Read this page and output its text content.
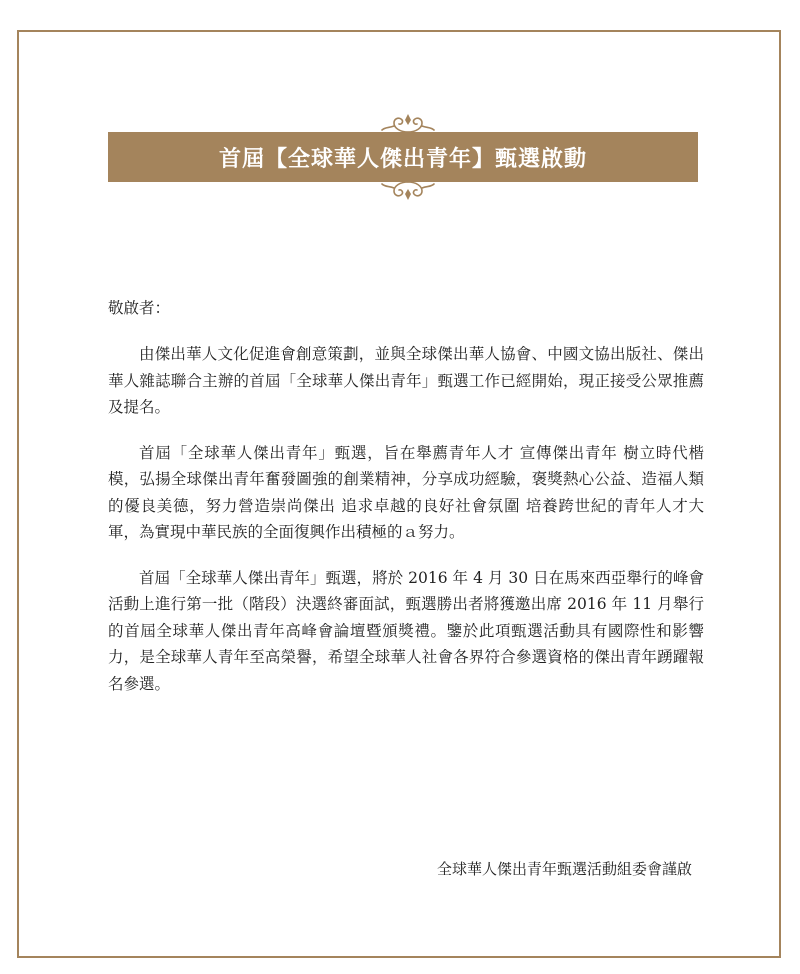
首屆【全球華人傑出青年】甄選啟動

敬啟者：

由傑出華人文化促進會創意策劃，並與全球傑出華人協會、中國文協出版社、傑出華人雜誌聯合主辦的首屆「全球華人傑出青年」甄選工作已經開始，現正接受公眾推薦及提名。

首屆「全球華人傑出青年」甄選，旨在舉薦青年人才 宣傳傑出青年 樹立時代楷模，弘揚全球傑出青年奮發圖強的創業精神，分享成功經驗，褒獎熱心公益、造福人類的優良美德，努力營造崇尚傑出 追求卓越的良好社會氛圍 培養跨世紀的青年人才大軍，為實現中華民族的全面復興作出積極的ａ努力。

首屆「全球華人傑出青年」甄選，將於 2016 年 4 月 30 日在馬來西亞舉行的峰會活動上進行第一批（階段）決選終審面試，甄選勝出者將獲邀出席 2016 年 11 月舉行的首屆全球華人傑出青年高峰會論壇暨頒獎禮。鑒於此項甄選活動具有國際性和影響力，是全球華人青年至高榮譽，希望全球華人社會各界符合參選資格的傑出青年踴躍報名參選。

全球華人傑出青年甄選活動組委會謹啟
